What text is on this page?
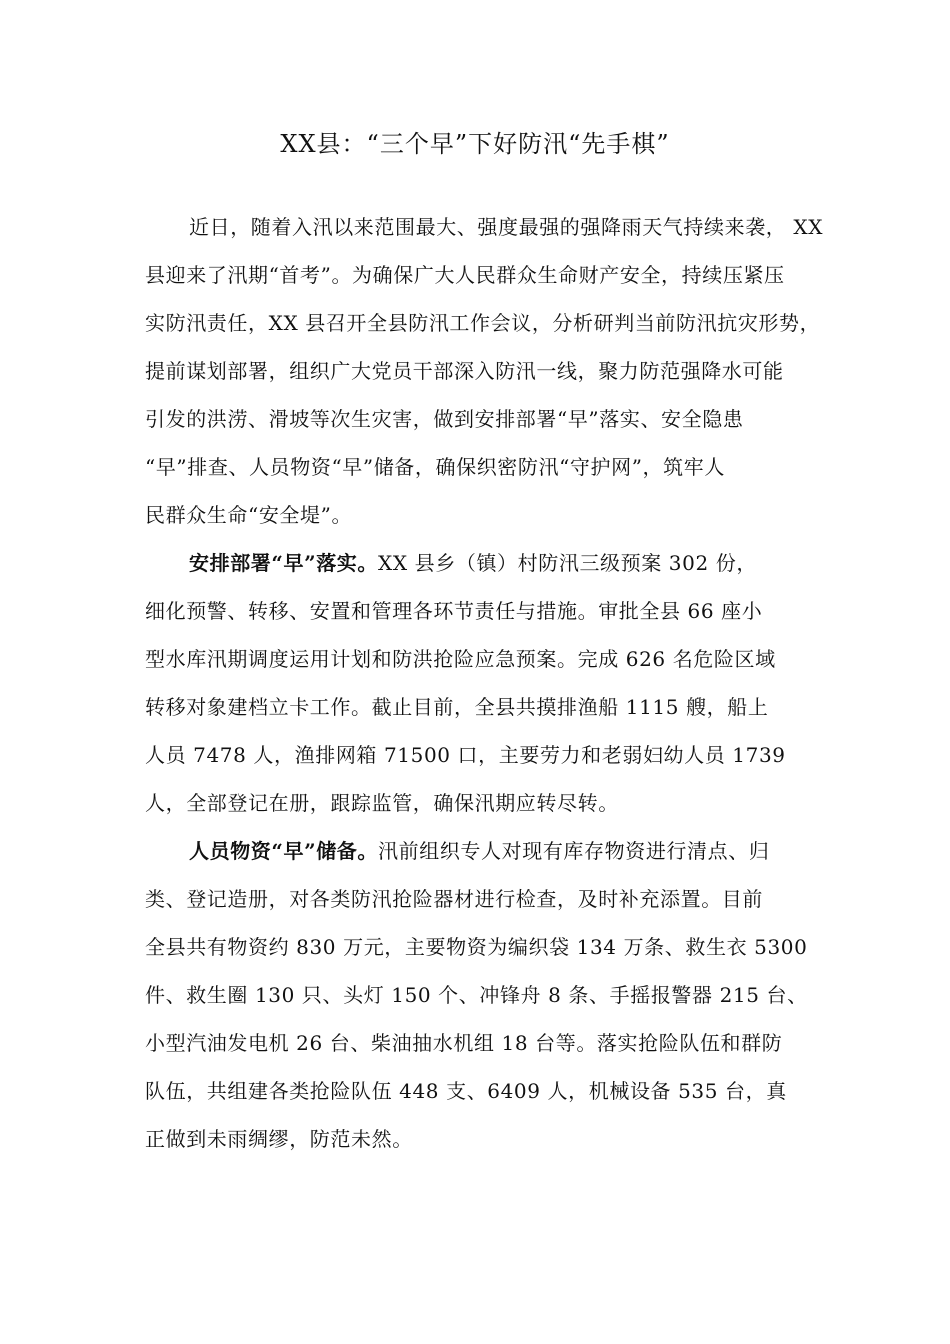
XX县：“三个早”下好防汛“先手棋”
近日，随着入汛以来范围最大、强度最强的强降雨天气持续来袭， XX
县迎来了汛期“首考”。为确保广大人民群众生命财产安全，持续压紧压
实防汛责任，XX 县召开全县防汛工作会议，分析研判当前防汛抗灾形势，
提前谋划部署，组织广大党员干部深入防汛一线，聚力防范强降水可能
引发的洪涝、滑坡等次生灾害，做到安排部署“早”落实、安全隐患
“早”排查、人员物资“早”储备，确保织密防汛“守护网”，筑牢人
民群众生命“安全堤”。
安排部署“早”落实。XX 县乡（镇）村防汛三级预案 302 份，
细化预警、转移、安置和管理各环节责任与措施。审批全县 66 座小
型水库汛期调度运用计划和防洪抢险应急预案。完成 626 名危险区域
转移对象建档立卡工作。截止目前，全县共摸排渔船 1115 艘，船上
人员 7478 人，渔排网箱 71500 口，主要劳力和老弱妇幼人员 1739
人，全部登记在册，跟踪监管，确保汛期应转尽转。
人员物资“早”储备。汛前组织专人对现有库存物资进行清点、归
类、登记造册，对各类防汛抢险器材进行检查，及时补充添置。目前
全县共有物资约 830 万元，主要物资为编织袋 134 万条、救生衣 5300
件、救生圈 130 只、头灯 150 个、冲锋舟 8 条、手摇报警器 215 台、
小型汽油发电机 26 台、柴油抽水机组 18 台等。落实抢险队伍和群防
队伍，共组建各类抢险队伍 448 支、6409 人，机械设备 535 台，真
正做到未雨绸缪，防范未然。
